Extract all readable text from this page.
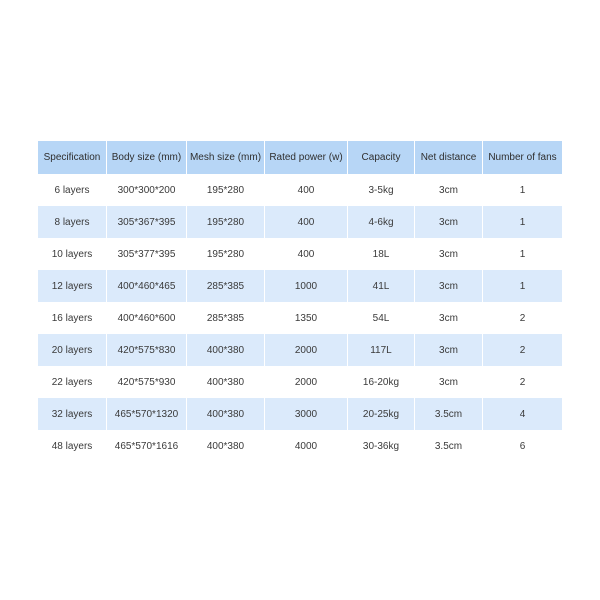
Specification	Body size (mm)	Mesh size (mm)	Rated power (w)	Capacity	Net distance	Number of fans
6 layers	300*300*200	195*280	400	3-5kg	3cm	1
8 layers	305*367*395	195*280	400	4-6kg	3cm	1
10 layers	305*377*395	195*280	400	18L	3cm	1
12 layers	400*460*465	285*385	1000	41L	3cm	1
16 layers	400*460*600	285*385	1350	54L	3cm	2
20 layers	420*575*830	400*380	2000	117L	3cm	2
22 layers	420*575*930	400*380	2000	16-20kg	3cm	2
32 layers	465*570*1320	400*380	3000	20-25kg	3.5cm	4
48 layers	465*570*1616	400*380	4000	30-36kg	3.5cm	6
